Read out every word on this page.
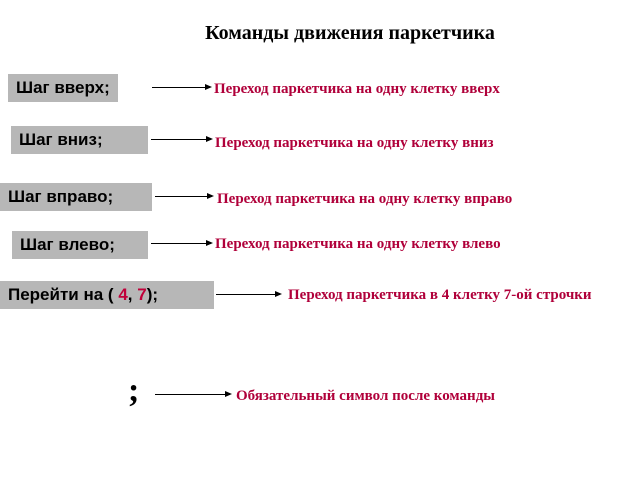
Команды движения паркетчика
Шаг вверх;	Переход паркетчика на одну клетку вверх
Шаг вниз;	Переход паркетчика на одну клетку вниз
Шаг вправо;	Переход паркетчика на одну клетку вправо
Шаг влево;	Переход паркетчика на одну клетку влево
Перейти на ( 4, 7);	Переход паркетчика в 4 клетку 7-ой строчки
;	Обязательный символ после команды
